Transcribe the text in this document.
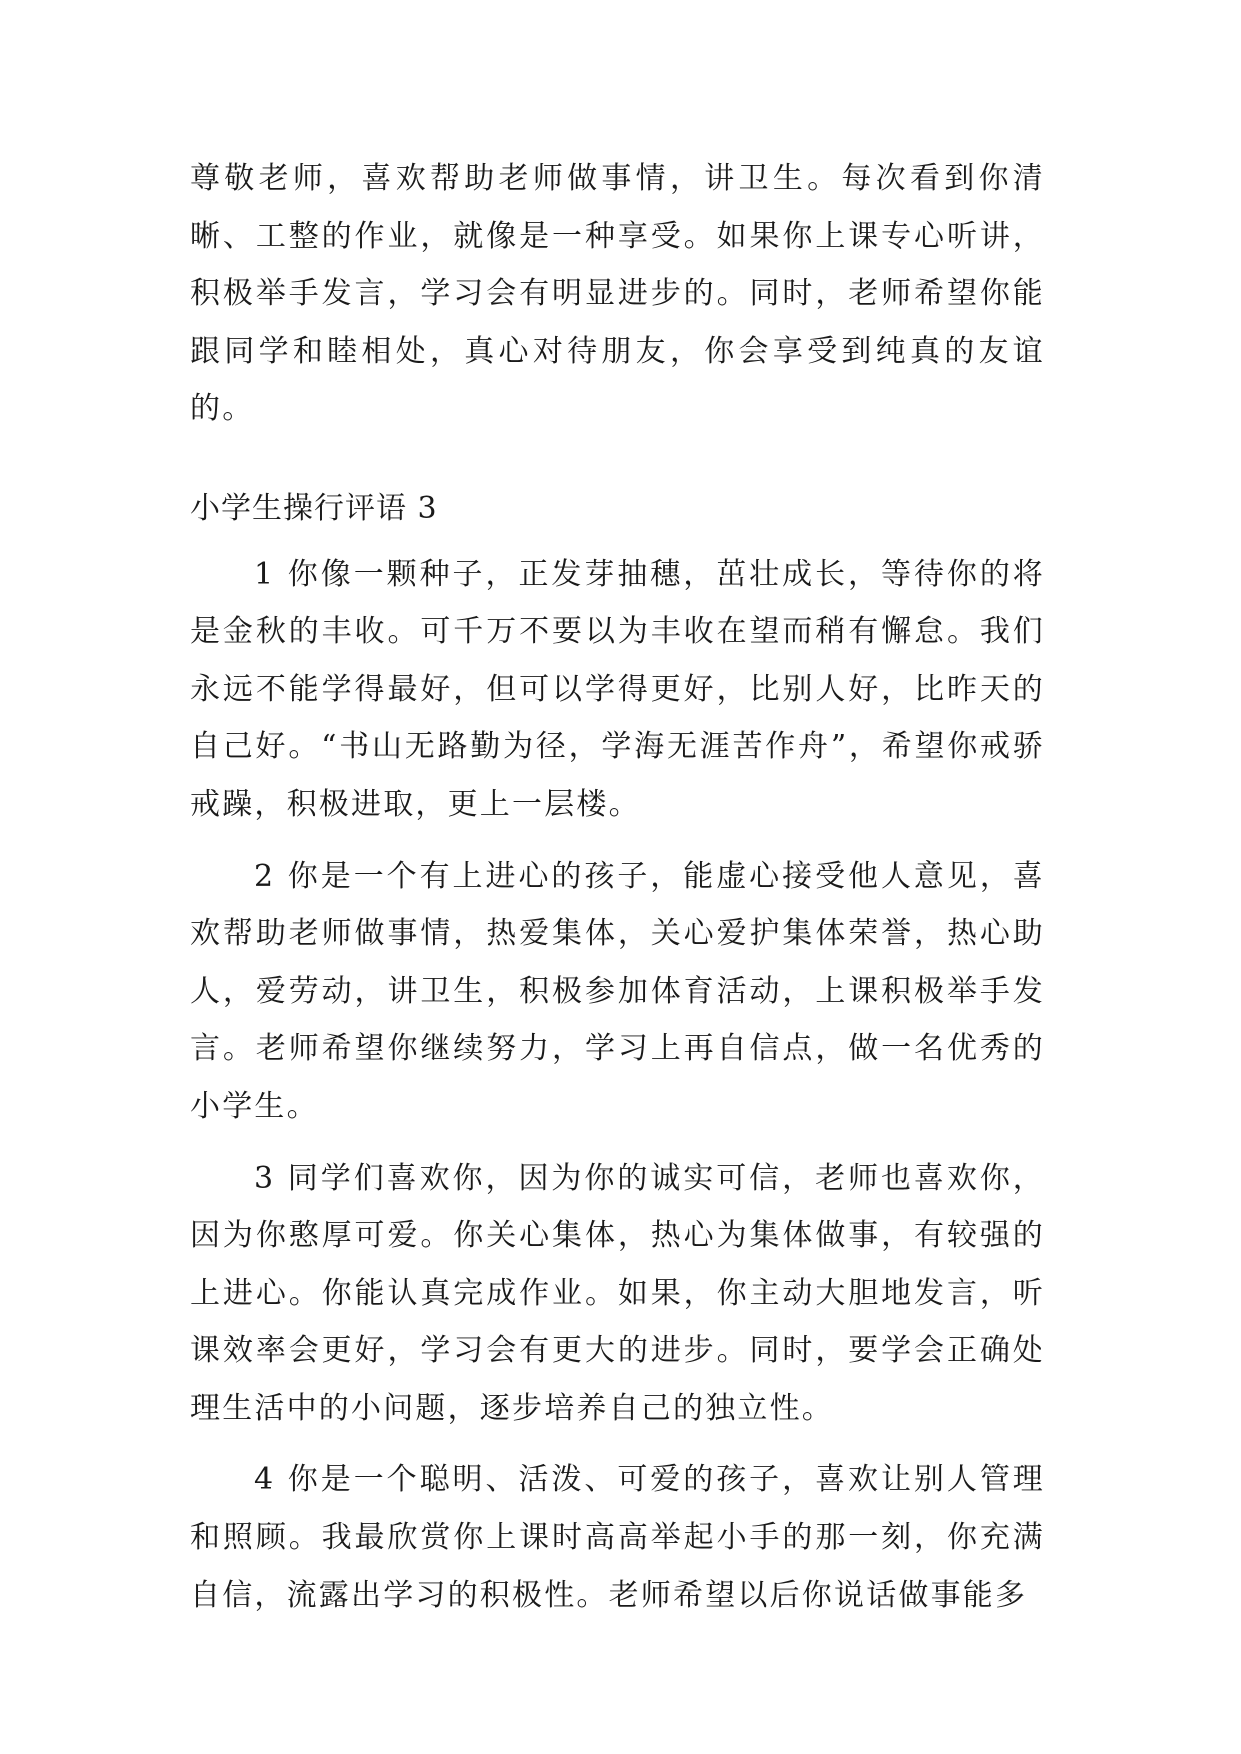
尊敬老师，喜欢帮助老师做事情，讲卫生。每次看到你清晰、工整的作业，就像是一种享受。如果你上课专心听讲，积极举手发言，学习会有明显进步的。同时，老师希望你能跟同学和睦相处，真心对待朋友，你会享受到纯真的友谊的。

小学生操行评语 3

1 你像一颗种子，正发芽抽穗，茁壮成长，等待你的将是金秋的丰收。可千万不要以为丰收在望而稍有懈怠。我们永远不能学得最好，但可以学得更好，比别人好，比昨天的自己好。“书山无路勤为径，学海无涯苦作舟”，希望你戒骄戒躁，积极进取，更上一层楼。

2 你是一个有上进心的孩子，能虚心接受他人意见，喜欢帮助老师做事情，热爱集体，关心爱护集体荣誉，热心助人，爱劳动，讲卫生，积极参加体育活动，上课积极举手发言。老师希望你继续努力，学习上再自信点，做一名优秀的小学生。

3 同学们喜欢你，因为你的诚实可信，老师也喜欢你，因为你憨厚可爱。你关心集体，热心为集体做事，有较强的上进心。你能认真完成作业。如果，你主动大胆地发言，听课效率会更好，学习会有更大的进步。同时，要学会正确处理生活中的小问题，逐步培养自己的独立性。

4 你是一个聪明、活泼、可爱的孩子，喜欢让别人管理和照顾。我最欣赏你上课时高高举起小手的那一刻，你充满自信，流露出学习的积极性。老师希望以后你说话做事能多
